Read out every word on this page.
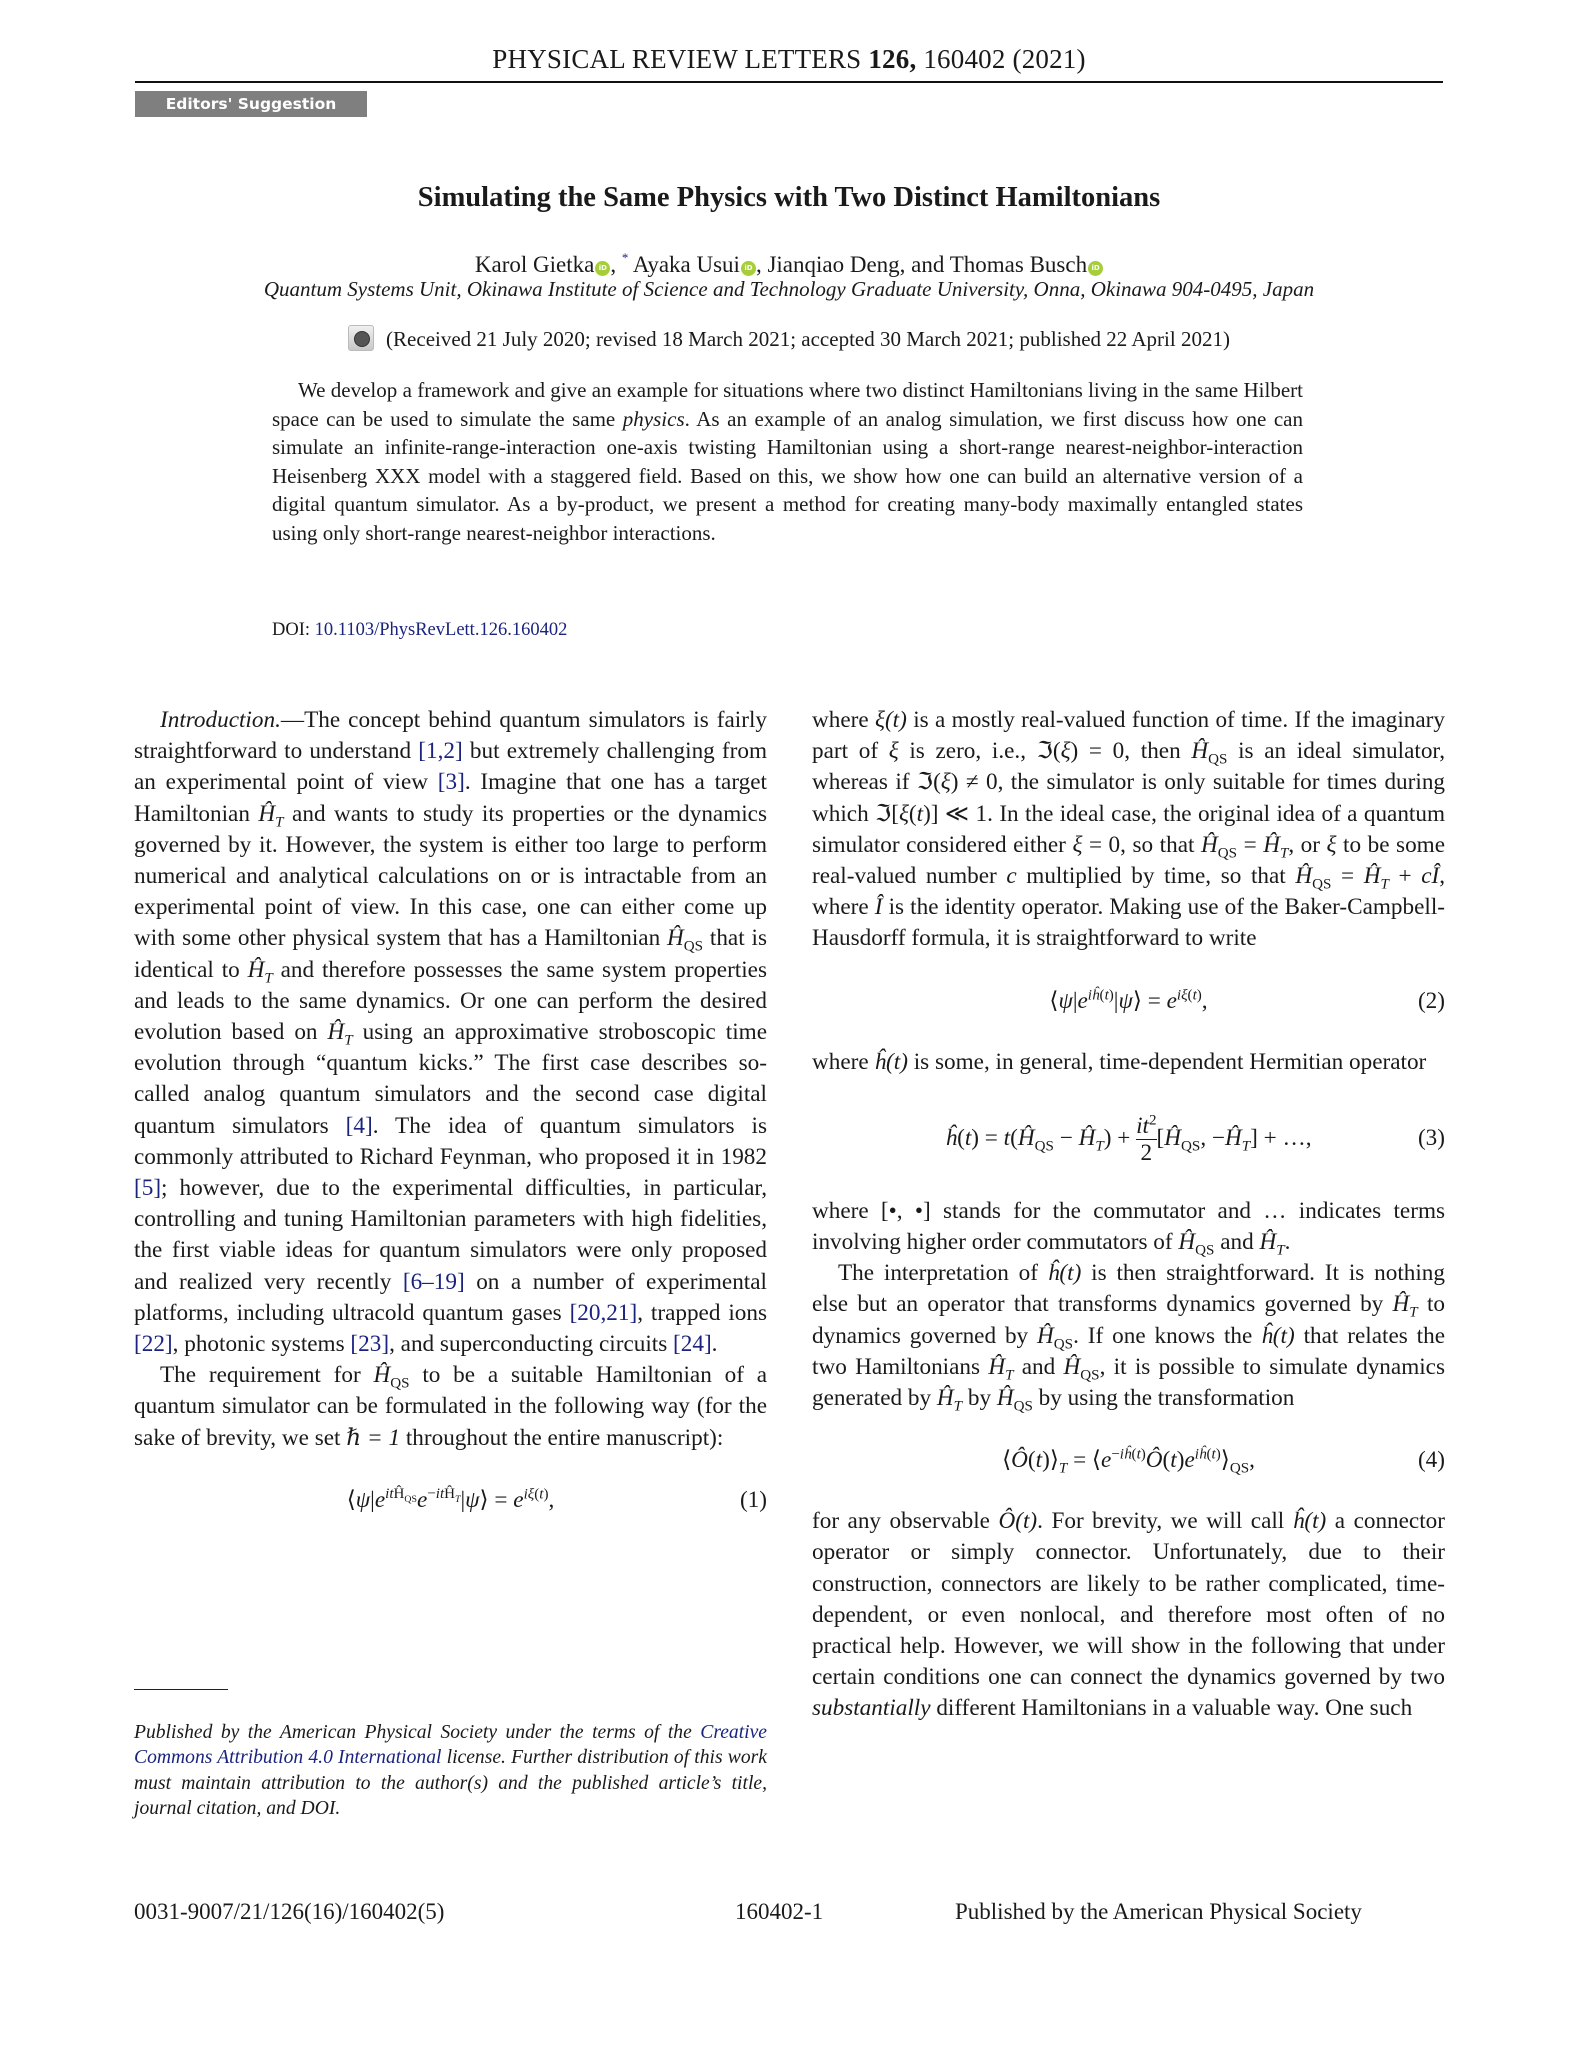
PHYSICAL REVIEW LETTERS 126, 160402 (2021)
Editors' Suggestion
Simulating the Same Physics with Two Distinct Hamiltonians
Karol Gietka iD , * Ayaka Usui iD , Jianqiao Deng, and Thomas Busch iD
Quantum Systems Unit, Okinawa Institute of Science and Technology Graduate University, Onna, Okinawa 904-0495, Japan
(Received 21 July 2020; revised 18 March 2021; accepted 30 March 2021; published 22 April 2021)
We develop a framework and give an example for situations where two distinct Hamiltonians living in the same Hilbert space can be used to simulate the same physics. As an example of an analog simulation, we first discuss how one can simulate an infinite-range-interaction one-axis twisting Hamiltonian using a short-range nearest-neighbor-interaction Heisenberg XXX model with a staggered field. Based on this, we show how one can build an alternative version of a digital quantum simulator. As a by-product, we present a method for creating many-body maximally entangled states using only short-range nearest-neighbor interactions.
DOI: 10.1103/PhysRevLett.126.160402

Introduction.—The concept behind quantum simulators is fairly straightforward to understand [1,2] but extremely challenging from an experimental point of view [3]. Imagine that one has a target Hamiltonian $Ĥ_T$ and wants to study its properties or the dynamics governed by it. However, the system is either too large to perform numerical and analytical calculations on or is intractable from an experimental point of view. In this case, one can either come up with some other physical system that has a Hamiltonian $Ĥ_{QS}$ that is identical to $Ĥ_T$ and therefore possesses the same system properties and leads to the same dynamics. Or one can perform the desired evolution based on $Ĥ_T$ using an approximative stroboscopic time evolution through “quantum kicks.” The first case describes so-called analog quantum simulators and the second case digital quantum simulators [4]. The idea of quantum simulators is commonly attributed to Richard Feynman, who proposed it in 1982 [5]; however, due to the experimental difficulties, in particular, controlling and tuning Hamiltonian parameters with high fidelities, the first viable ideas for quantum simulators were only proposed and realized very recently [6–19] on a number of experimental platforms, including ultracold quantum gases [20,21], trapped ions [22], photonic systems [23], and superconducting circuits [24].

The requirement for $Ĥ_{QS}$ to be a suitable Hamiltonian of a quantum simulator can be formulated in the following way (for the sake of brevity, we set ℏ = 1 throughout the entire manuscript):

$⟨\psi|e^{itĤ_{QS}}e^{-itĤ_T}|\psi⟩ = e^{i\xi(t)}$,	(1)
Published by the American Physical Society under the terms of the Creative Commons Attribution 4.0 International license. Further distribution of this work must maintain attribution to the author(s) and the published article’s title, journal citation, and DOI.

where ξ(t) is a mostly real-valued function of time. If the imaginary part of ξ is zero, i.e., ℑ(ξ) = 0, then $Ĥ_{QS}$ is an ideal simulator, whereas if ℑ(ξ) ≠ 0, the simulator is only suitable for times during which ℑ[ξ(t)] ≪ 1. In the ideal case, the original idea of a quantum simulator considered either ξ = 0, so that $Ĥ_{QS}$ = $Ĥ_T$, or ξ to be some real-valued number c multiplied by time, so that $Ĥ_{QS}$ = $Ĥ_T$ + cÎ, where Î is the identity operator. Making use of the Baker-Campbell-Hausdorff formula, it is straightforward to write

$⟨\psi|e^{iĥ(t)}|\psi⟩ = e^{i\xi(t)}$,	(2)

where ĥ(t) is some, in general, time-dependent Hermitian operator

ĥ(t) = $t(Ĥ_{QS}$ − $Ĥ_T) + \frac{it^2}{2}$ [$Ĥ_{QS}$, $-Ĥ_T$] + …,	(3)

where [•, •] stands for the commutator and … indicates terms involving higher order commutators of $Ĥ_{QS}$ and $Ĥ_T$.

The interpretation of ĥ(t) is then straightforward. It is nothing else but an operator that transforms dynamics governed by $Ĥ_T$ to dynamics governed by $Ĥ_{QS}$. If one knows the ĥ(t) that relates the two Hamiltonians $Ĥ_T$ and $Ĥ_{QS}$, it is possible to simulate dynamics generated by $Ĥ_T$ by $Ĥ_{QS}$ by using the transformation

$⟨Ô(t)⟩_T$ = $⟨e^{-iĥ(t)}Ô(t)e^{iĥ(t)}⟩_{QS}$,	(4)

for any observable Ô(t). For brevity, we will call ĥ(t) a connector operator or simply connector. Unfortunately, due to their construction, connectors are likely to be rather complicated, time-dependent, or even nonlocal, and therefore most often of no practical help. However, we will show in the following that under certain conditions one can connect the dynamics governed by two substantially different Hamiltonians in a valuable way. One such

0031-9007/21/126(16)/160402(5)	160402-1	Published by the American Physical Society
